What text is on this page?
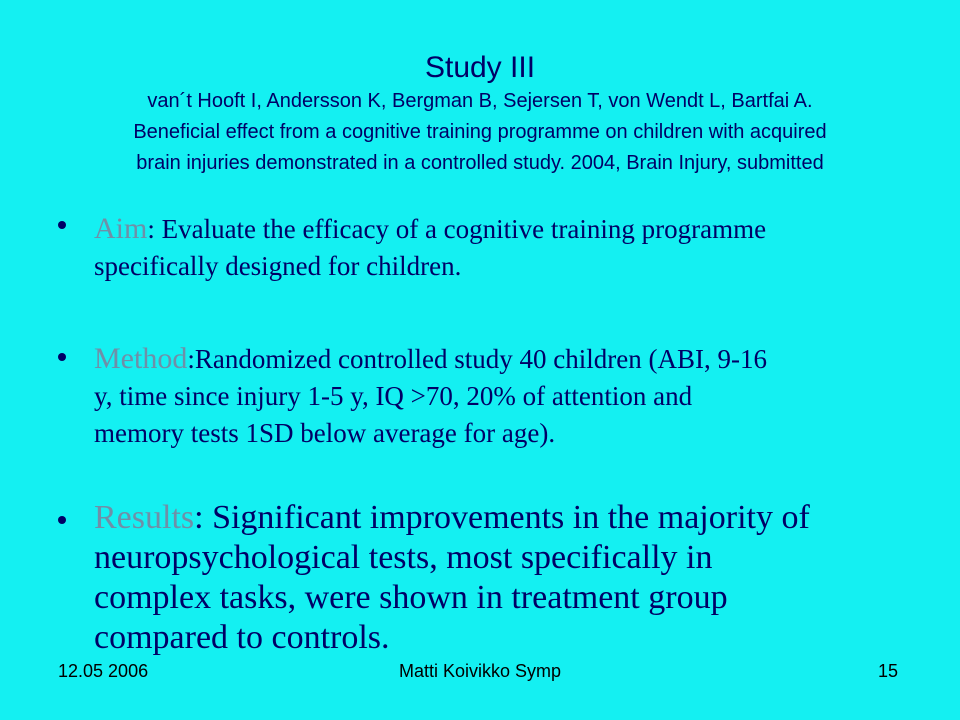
Study III
van´t Hooft I, Andersson K, Bergman B, Sejersen T, von Wendt L, Bartfai A.
Beneficial effect from a cognitive training programme on children with acquired
brain injuries demonstrated in a controlled study. 2004, Brain Injury, submitted
Aim: Evaluate the efficacy of a cognitive training programme
specifically designed for children.
Method:Randomized controlled study 40 children (ABI, 9-16
y, time since injury 1-5 y, IQ >70, 20% of attention and
memory tests 1SD below average for age).
Results: Significant improvements in the majority of
neuropsychological tests, most specifically in
complex tasks, were shown in treatment group
compared to controls.
12.05 2006	Matti Koivikko Symp	15
